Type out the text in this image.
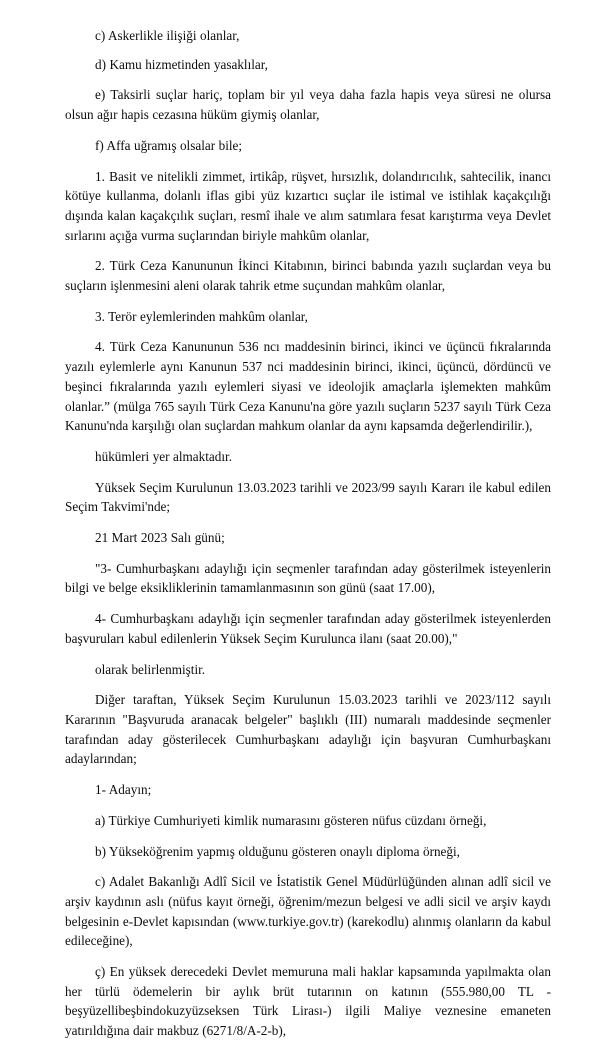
c) Askerlikle ilişiği olanlar,

d) Kamu hizmetinden yasaklılar,

e) Taksirli suçlar hariç, toplam bir yıl veya daha fazla hapis veya süresi ne olursa olsun ağır hapis cezasına hüküm giymiş olanlar,

f) Affa uğramış olsalar bile;

1. Basit ve nitelikli zimmet, irtikâp, rüşvet, hırsızlık, dolandırıcılık, sahtecilik, inancı kötüye kullanma, dolanlı iflas gibi yüz kızartıcı suçlar ile istimal ve istihlak kaçakçılığı dışında kalan kaçakçılık suçları, resmî ihale ve alım satımlara fesat karıştırma veya Devlet sırlarını açığa vurma suçlarından biriyle mahkûm olanlar,

2. Türk Ceza Kanununun İkinci Kitabının, birinci babında yazılı suçlardan veya bu suçların işlenmesini aleni olarak tahrik etme suçundan mahkûm olanlar,

3. Terör eylemlerinden mahkûm olanlar,

4. Türk Ceza Kanununun 536 ncı maddesinin birinci, ikinci ve üçüncü fıkralarında yazılı eylemlerle aynı Kanunun 537 nci maddesinin birinci, ikinci, üçüncü, dördüncü ve beşinci fıkralarında yazılı eylemleri siyasi ve ideolojik amaçlarla işlemekten mahkûm olanlar.” (mülga 765 sayılı Türk Ceza Kanunu'na göre yazılı suçların 5237 sayılı Türk Ceza Kanunu'nda karşılığı olan suçlardan mahkum olanlar da aynı kapsamda değerlendirilir.),

hükümleri yer almaktadır.

Yüksek Seçim Kurulunun 13.03.2023 tarihli ve 2023/99 sayılı Kararı ile kabul edilen Seçim Takvimi'nde;

21 Mart 2023 Salı günü;

"3- Cumhurbaşkanı adaylığı için seçmenler tarafından aday gösterilmek isteyenlerin bilgi ve belge eksikliklerinin tamamlanmasının son günü (saat 17.00),

4- Cumhurbaşkanı adaylığı için seçmenler tarafından aday gösterilmek isteyenlerden başvuruları kabul edilenlerin Yüksek Seçim Kurulunca ilanı (saat 20.00),"

olarak belirlenmiştir.

Diğer taraftan, Yüksek Seçim Kurulunun 15.03.2023 tarihli ve 2023/112 sayılı Kararının "Başvuruda aranacak belgeler" başlıklı (III) numaralı maddesinde seçmenler tarafından aday gösterilecek Cumhurbaşkanı adaylığı için başvuran Cumhurbaşkanı adaylarından;

1- Adayın;

a) Türkiye Cumhuriyeti kimlik numarasını gösteren nüfus cüzdanı örneği,

b) Yükseköğrenim yapmış olduğunu gösteren onaylı diploma örneği,

c) Adalet Bakanlığı Adlî Sicil ve İstatistik Genel Müdürlüğünden alınan adlî sicil ve arşiv kaydının aslı (nüfus kayıt örneği, öğrenim/mezun belgesi ve adli sicil ve arşiv kaydı belgesinin e-Devlet kapısından (www.turkiye.gov.tr) (karekodlu) alınmış olanların da kabul edileceğine),

ç) En yüksek derecedeki Devlet memuruna mali haklar kapsamında yapılmakta olan her türlü ödemelerin bir aylık brüt tutarının on katının (555.980,00 TL -beşyüzellibeşbindokuzyüzseksen Türk Lirası-) ilgili Maliye veznesine emaneten yatırıldığına dair makbuz (6271/8/A-2-b),
